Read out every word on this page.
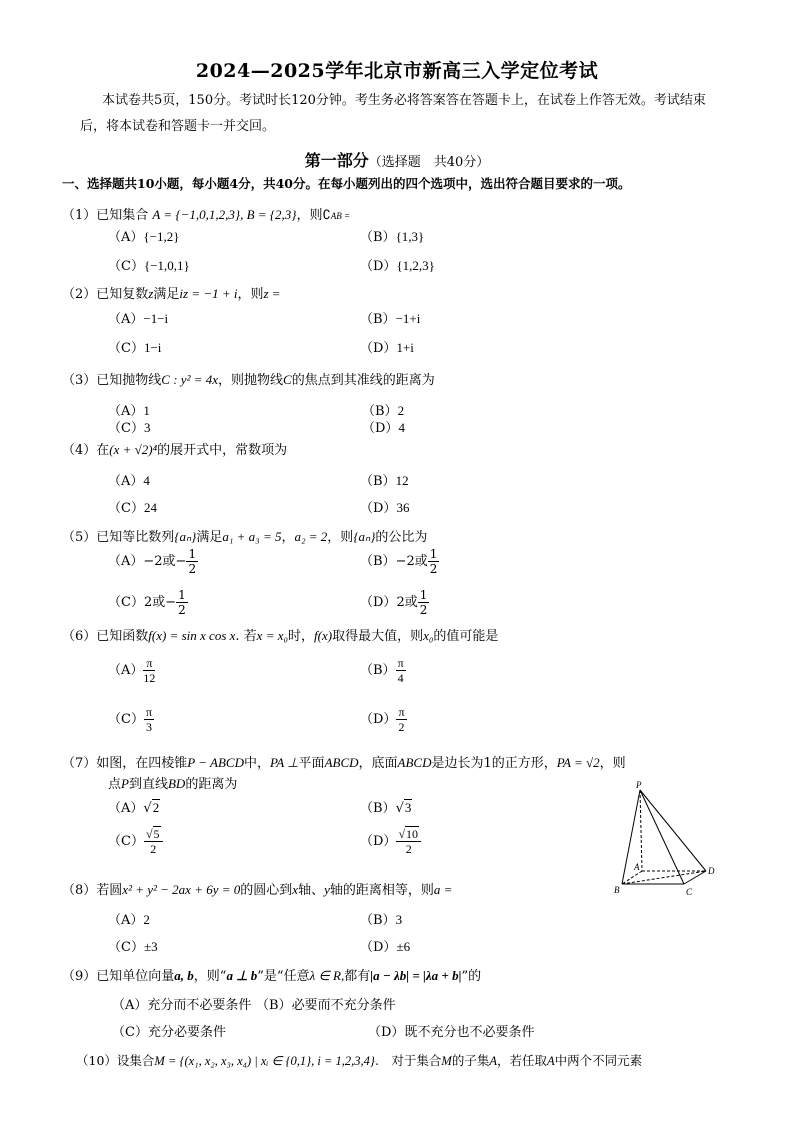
2024—2025学年北京市新高三入学定位考试
本试卷共5页，150分。考试时长120分钟。考生务必将答案答在答题卡上，在试卷上作答无效。考试结束后，将本试卷和答题卡一并交回。
第一部分（选择题　共40分）
一、选择题共10小题，每小题4分，共40分。在每小题列出的四个选项中，选出符合题目要求的一项。
（1）已知集合 A = {−1,0,1,2,3}, B = {2,3}，则∁AB =
（A）{−1,2}	（B）{1,3}
（C）{−1,0,1}	（D）{1,2,3}
（2）已知复数z满足iz = −1 + i，则z =
（A）−1−i	（B）−1+i
（C）1−i	（D）1+i
（3）已知抛物线C : y² = 4x，则抛物线C的焦点到其准线的距离为
（A）1	（B）2
（C）3	（D）4
（4）在(x + √2)⁴的展开式中，常数项为
（A）4	（B）12
（C）24	（D）36
（5）已知等比数列{aₙ}满足a₁ + a₃ = 5，a₂ = 2，则{aₙ}的公比为
（A）−2或− $\frac{1}{2}$	（B）−2或 $\frac{1}{2}$
（C）2或− $\frac{1}{2}$	（D）2或 $\frac{1}{2}$
（6）已知函数f(x) = sin x cos x. 若x = x₀时，f(x)取得最大值，则x₀的值可能是
$(A) \frac{\pi}{12}$	$(B) \frac{\pi}{4}$
$(C) \frac{\pi}{3}$	$(D) \frac{\pi}{2}$
（7）如图，在四棱锥P − ABCD中，PA ⊥平面ABCD，底面ABCD是边长为1的正方形，PA = √2，则
点P到直线BD的距离为
（A）√2	（B）√3
$(C) \frac{√5}{2}$	$(D) \frac{√10}{2}$
P
A
B	C
D
（8）若圆x² + y² − 2ax + 6y = 0的圆心到x轴、y轴的距离相等，则a =
（A）2	（B）3
（C）±3	（D）±6
（9）已知单位向量a, b，则“a ⊥ b”是“任意λ ∈ R,都有|a − λb| = |λa + b|”的
（A）充分而不必要条件 （B）必要而不充分条件
（C）充分必要条件	（D）既不充分也不必要条件
（10）设集合M = {(x₁, x₂, x₃, x₄) | xᵢ ∈ {0,1}, i = 1,2,3,4}.　对于集合M的子集A，若任取A中两个不同元素
